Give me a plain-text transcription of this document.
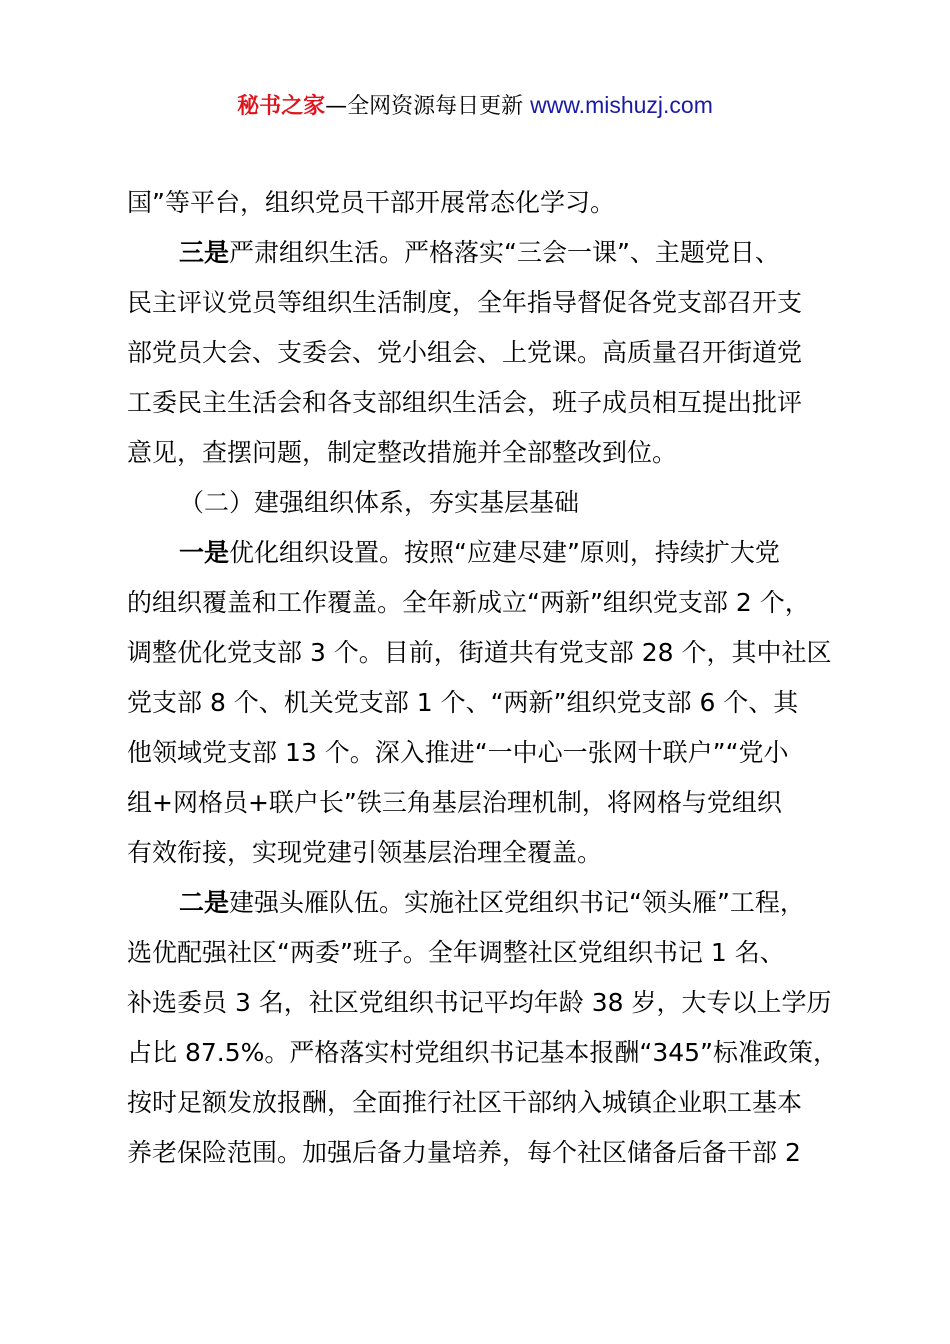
秘书之家—全网资源每日更新 www.mishuzj.com
国”等平台，组织党员干部开展常态化学习。
三是严肃组织生活。严格落实“三会一课”、主题党日、
民主评议党员等组织生活制度，全年指导督促各党支部召开支
部党员大会、支委会、党小组会、上党课。高质量召开街道党
工委民主生活会和各支部组织生活会，班子成员相互提出批评
意见，查摆问题，制定整改措施并全部整改到位。
（二）建强组织体系，夯实基层基础
一是优化组织设置。按照“应建尽建”原则，持续扩大党
的组织覆盖和工作覆盖。全年新成立“两新”组织党支部 2 个，
调整优化党支部 3 个。目前，街道共有党支部 28 个，其中社区
党支部 8 个、机关党支部 1 个、“两新”组织党支部 6 个、其
他领域党支部 13 个。深入推进“一中心一张网十联户”“党小
组+网格员+联户长”铁三角基层治理机制，将网格与党组织
有效衔接，实现党建引领基层治理全覆盖。
二是建强头雁队伍。实施社区党组织书记“领头雁”工程，
选优配强社区“两委”班子。全年调整社区党组织书记 1 名、
补选委员 3 名，社区党组织书记平均年龄 38 岁，大专以上学历
占比 87.5%。严格落实村党组织书记基本报酬“345”标准政策，
按时足额发放报酬，全面推行社区干部纳入城镇企业职工基本
养老保险范围。加强后备力量培养，每个社区储备后备干部 2
